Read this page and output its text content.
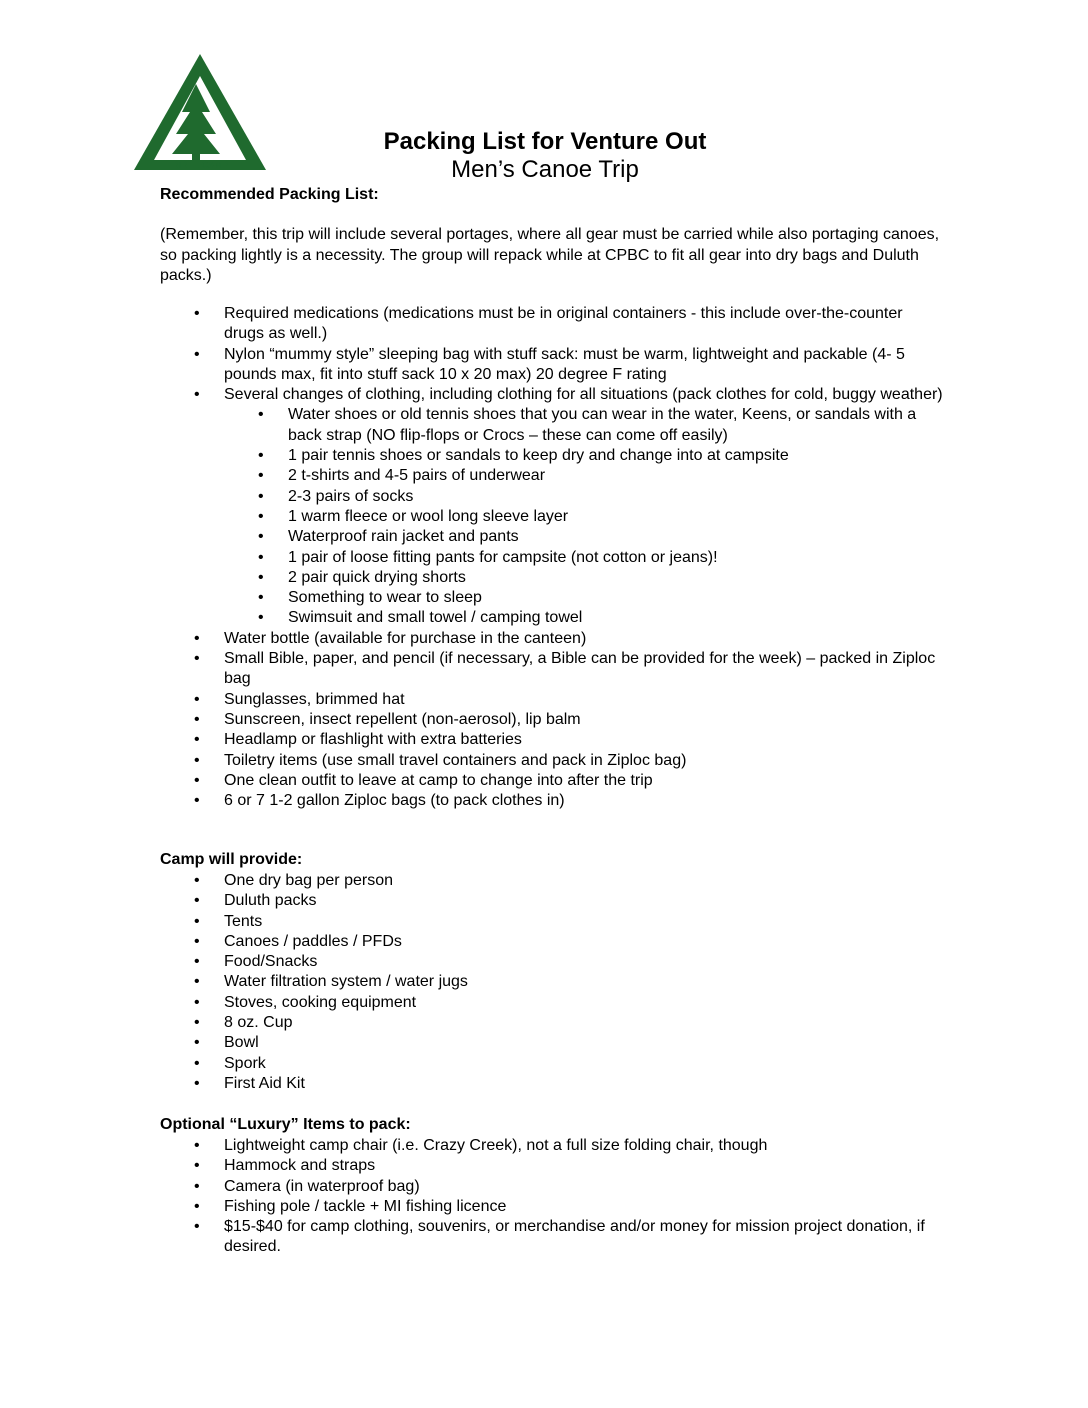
COVENANT POINT BIBLE CAMP
Packing List for Venture Out
Men’s Canoe Trip
Recommended Packing List:
(Remember, this trip will include several portages, where all gear must be carried while also portaging canoes, so packing lightly is a necessity. The group will repack while at CPBC to fit all gear into dry bags and Duluth packs.)
• Required medications (medications must be in original containers - this include over-the-counter drugs as well.)
• Nylon “mummy style” sleeping bag with stuff sack: must be warm, lightweight and packable (4- 5 pounds max, fit into stuff sack 10 x 20 max) 20 degree F rating
• Several changes of clothing, including clothing for all situations (pack clothes for cold, buggy weather)
• Water shoes or old tennis shoes that you can wear in the water, Keens, or sandals with a back strap (NO flip-flops or Crocs – these can come off easily)
• 1 pair tennis shoes or sandals to keep dry and change into at campsite
• 2 t-shirts and 4-5 pairs of underwear
• 2-3 pairs of socks
• 1 warm fleece or wool long sleeve layer
• Waterproof rain jacket and pants
• 1 pair of loose fitting pants for campsite (not cotton or jeans)!
• 2 pair quick drying shorts
• Something to wear to sleep
• Swimsuit and small towel / camping towel
• Water bottle (available for purchase in the canteen)
• Small Bible, paper, and pencil (if necessary, a Bible can be provided for the week) – packed in Ziploc bag
• Sunglasses, brimmed hat
• Sunscreen, insect repellent (non-aerosol), lip balm
• Headlamp or flashlight with extra batteries
• Toiletry items (use small travel containers and pack in Ziploc bag)
• One clean outfit to leave at camp to change into after the trip
• 6 or 7 1-2 gallon Ziploc bags (to pack clothes in)
Camp will provide:
• One dry bag per person
• Duluth packs
• Tents
• Canoes / paddles / PFDs
• Food/Snacks
• Water filtration system / water jugs
• Stoves, cooking equipment
• 8 oz. Cup
• Bowl
• Spork
• First Aid Kit
Optional “Luxury” Items to pack:
• Lightweight camp chair (i.e. Crazy Creek), not a full size folding chair, though
• Hammock and straps
• Camera (in waterproof bag)
• Fishing pole / tackle + MI fishing licence
• $15-$40 for camp clothing, souvenirs, or merchandise and/or money for mission project donation, if desired.
